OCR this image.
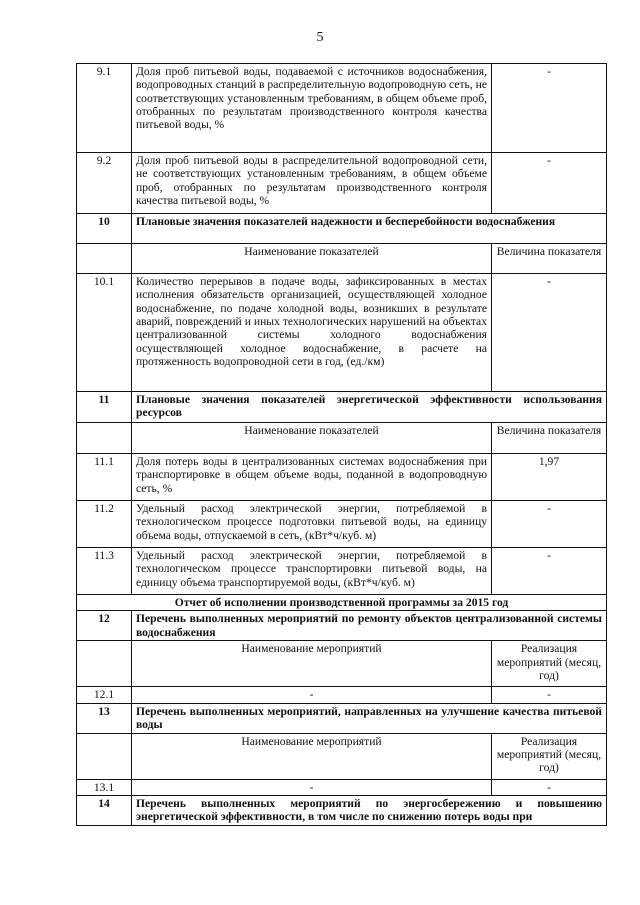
5
9.1	Доля проб питьевой воды, подаваемой с источников водоснабжения, водопроводных станций в распределительную водопроводную сеть, не соответствующих установленным требованиям, в общем объеме проб, отобранных по результатам производственного контроля качества питьевой воды, %	-
9.2	Доля проб питьевой воды в распределительной водопроводной сети, не соответствующих установленным требованиям, в общем объеме проб, отобранных по результатам производственного контроля качества питьевой воды, %	-
10	Плановые значения показателей надежности и бесперебойности водоснабжения	
	Наименование показателей	Величина показателя
10.1	Количество перерывов в подаче воды, зафиксированных в местах исполнения обязательств организацией, осуществляющей холодное водоснабжение, по подаче холодной воды, возникших в результате аварий, повреждений и иных технологических нарушений на объектах централизованной системы холодного водоснабжения осуществляющей холодное водоснабжение, в расчете на протяженность водопроводной сети в год, (ед./км)	-
11	Плановые значения показателей энергетической эффективности использования ресурсов	
	Наименование показателей	Величина показателя
11.1	Доля потерь воды в централизованных системах водоснабжения при транспортировке в общем объеме воды, поданной в водопроводную сеть, %	1,97
11.2	Удельный расход электрической энергии, потребляемой в технологическом процессе подготовки питьевой воды, на единицу объема воды, отпускаемой в сеть, (кВт*ч/куб. м)	-
11.3	Удельный расход электрической энергии, потребляемой в технологическом процессе транспортировки питьевой воды, на единицу объема транспортируемой воды, (кВт*ч/куб. м)	-
Отчет об исполнении производственной программы за 2015 год		
12	Перечень выполненных мероприятий по ремонту объектов централизованной системы водоснабжения	
	Наименование мероприятий	Реализация мероприятий (месяц, год)
12.1	-	-
13	Перечень выполненных мероприятий, направленных на улучшение качества питьевой воды	
	Наименование мероприятий	Реализация мероприятий (месяц, год)
13.1	-	-
14	Перечень выполненных мероприятий по энергосбережению и повышению энергетической эффективности, в том числе по снижению потерь воды при	
